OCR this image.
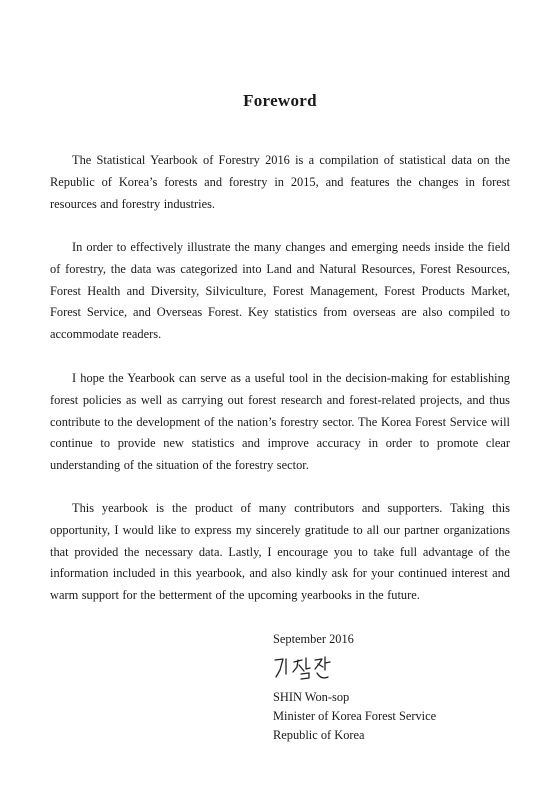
Foreword

The Statistical Yearbook of Forestry 2016 is a compilation of statistical data on the Republic of Korea’s forests and forestry in 2015, and features the changes in forest resources and forestry industries.

In order to effectively illustrate the many changes and emerging needs inside the field of forestry, the data was categorized into Land and Natural Resources, Forest Resources, Forest Health and Diversity, Silviculture, Forest Management, Forest Products Market, Forest Service, and Overseas Forest. Key statistics from overseas are also compiled to accommodate readers.

I hope the Yearbook can serve as a useful tool in the decision-making for establishing forest policies as well as carrying out forest research and forest-related projects, and thus contribute to the development of the nation’s forestry sector. The Korea Forest Service will continue to provide new statistics and improve accuracy in order to promote clear understanding of the situation of the forestry sector.

This yearbook is the product of many contributors and supporters. Taking this opportunity, I would like to express my sincerely gratitude to all our partner organizations that provided the necessary data. Lastly, I encourage you to take full advantage of the information included in this yearbook, and also kindly ask for your continued interest and warm support for the betterment of the upcoming yearbooks in the future.

September 2016
SHIN Won-sop
Minister of Korea Forest Service
Republic of Korea
